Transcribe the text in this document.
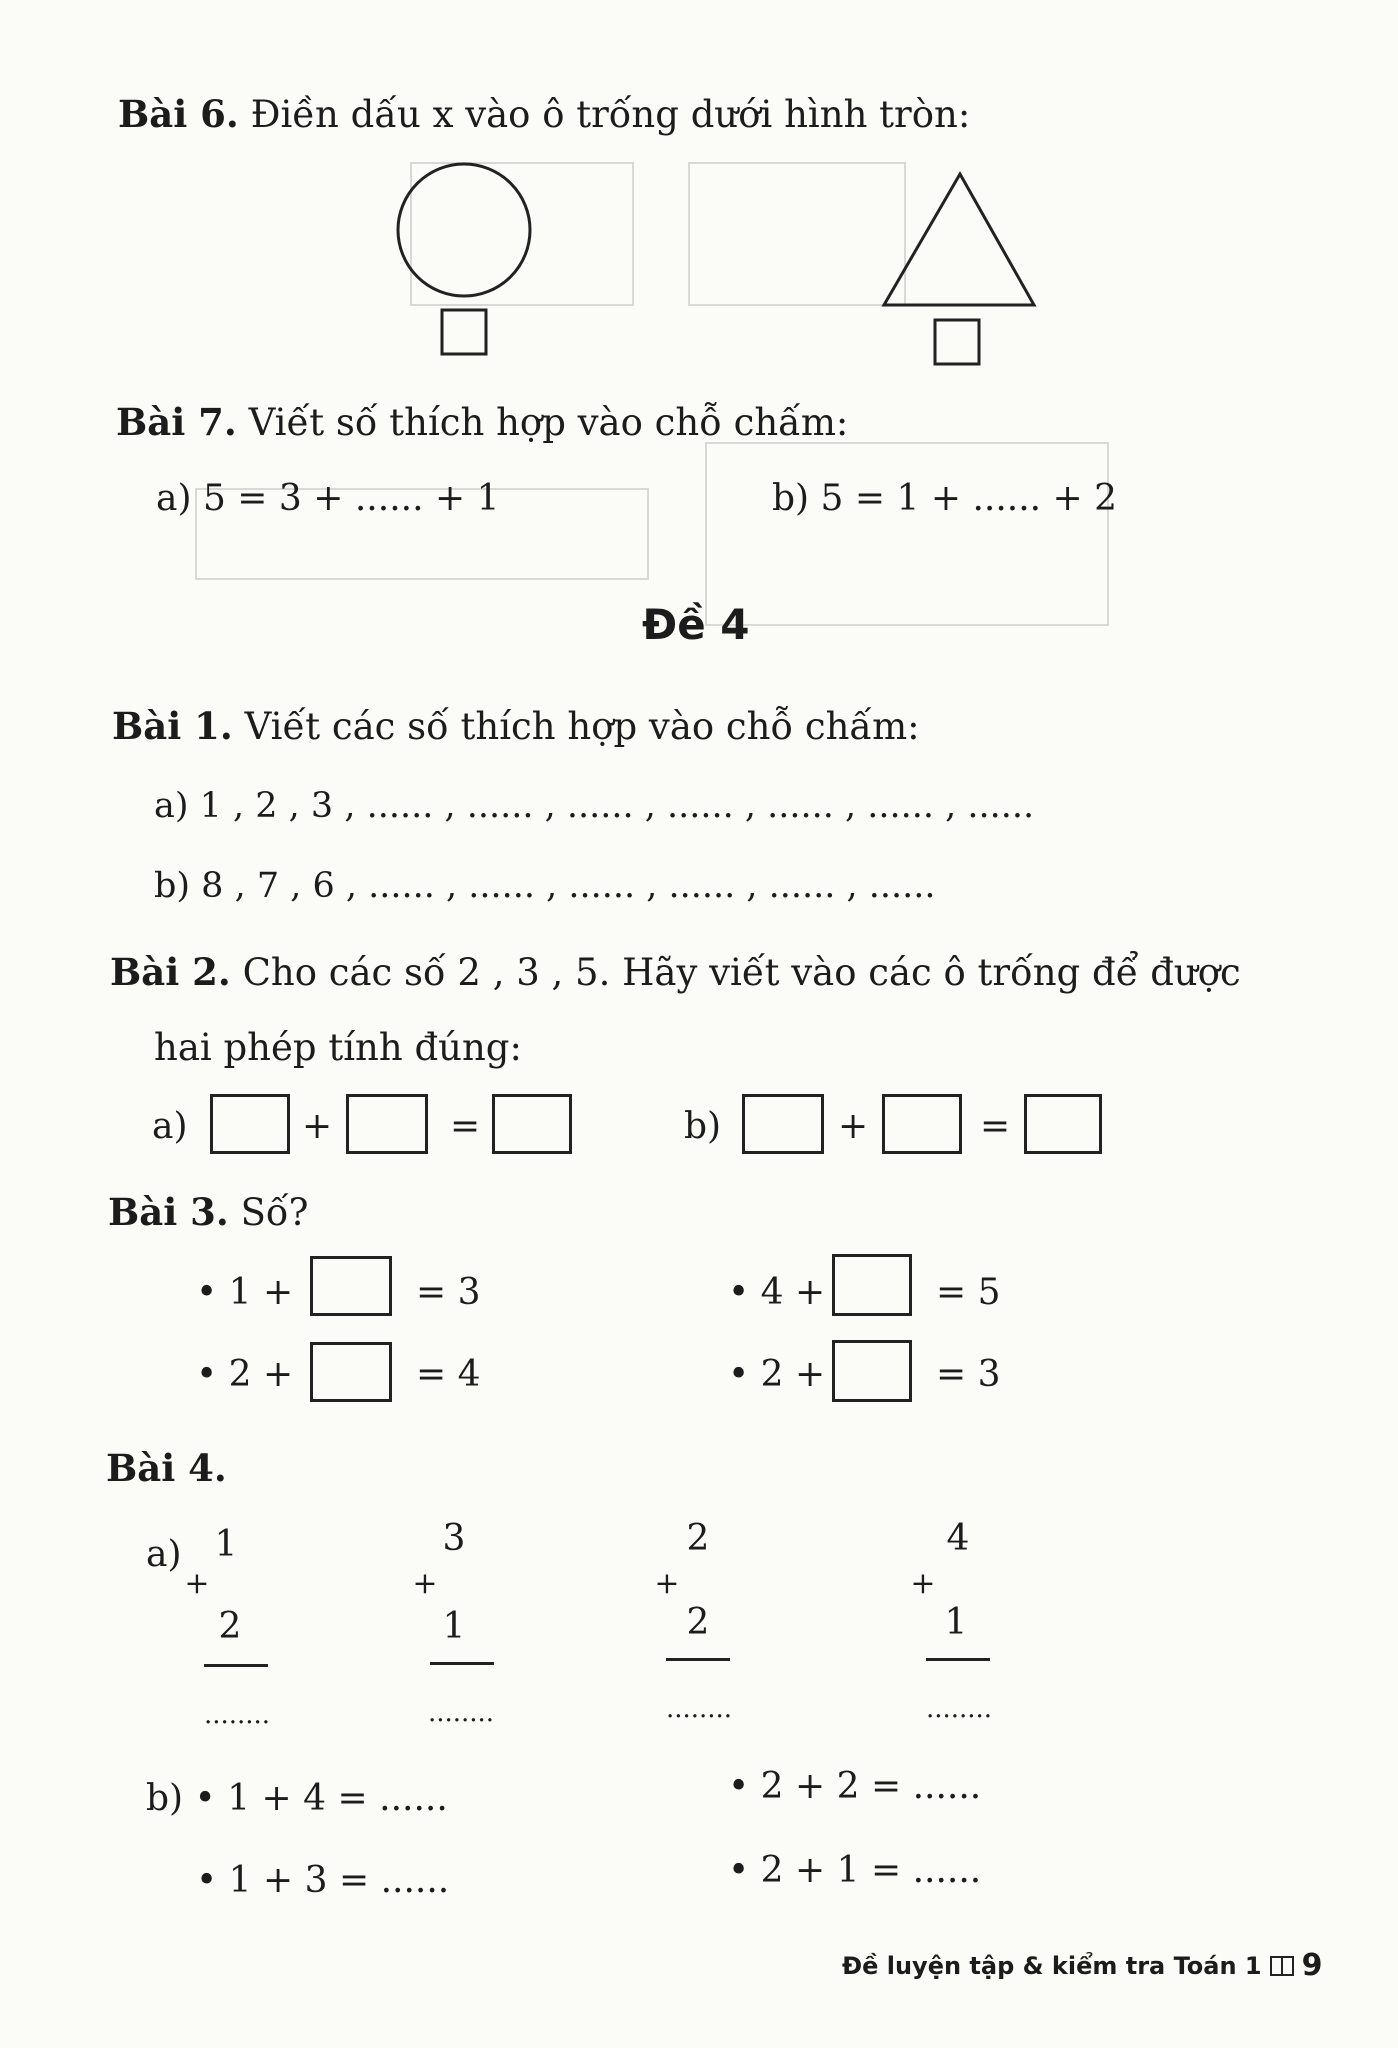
Bài 6. Điền dấu x vào ô trống dưới hình tròn:
Bài 7. Viết số thích hợp vào chỗ chấm:
a) 5 = 3 + ...... + 1	b) 5 = 1 + ...... + 2
Đề 4
Bài 1. Viết các số thích hợp vào chỗ chấm:
a) 1 , 2 , 3 , ...... , ...... , ...... , ...... , ...... , ...... , ......
b) 8 , 7 , 6 , ...... , ...... , ...... , ...... , ...... , ......
Bài 2. Cho các số 2 , 3 , 5. Hãy viết vào các ô trống để được
hai phép tính đúng:
a)	+	=	b)	+	=
Bài 3. Số?
• 1 +	= 3	• 4 +	= 5
• 2 +	= 4	• 2 +	= 3
Bài 4.
a) 1
+
2
........
3
+
1
........
2
+
2
........
4
+
1
........
b) • 1 + 4 = ......	• 2 + 2 = ......
• 1 + 3 = ......	• 2 + 1 = ......
Đề luyện tập & kiểm tra Toán 1 9
